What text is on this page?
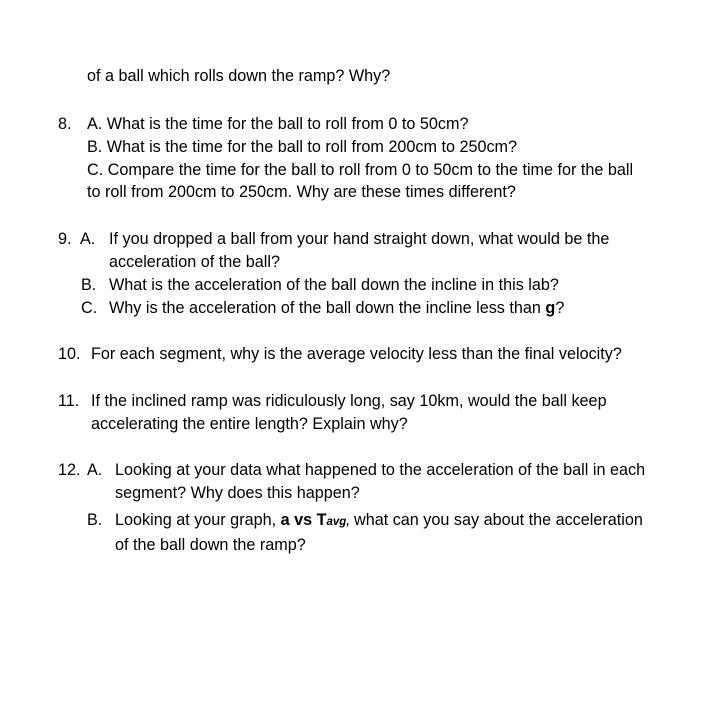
of a ball which rolls down the ramp? Why?
8. A. What is the time for the ball to roll from 0 to 50cm?
B. What is the time for the ball to roll from 200cm to 250cm?
C. Compare the time for the ball to roll from 0 to 50cm to the time for the ball
to roll from 200cm to 250cm. Why are these times different?
9. A. If you dropped a ball from your hand straight down, what would be the
acceleration of the ball?
B. What is the acceleration of the ball down the incline in this lab?
C. Why is the acceleration of the ball down the incline less than g?
10. For each segment, why is the average velocity less than the final velocity?
11. If the inclined ramp was ridiculously long, say 10km, would the ball keep
accelerating the entire length? Explain why?
12. A. Looking at your data what happened to the acceleration of the ball in each
segment? Why does this happen?
B. Looking at your graph, a vs Tavg, what can you say about the acceleration
of the ball down the ramp?
